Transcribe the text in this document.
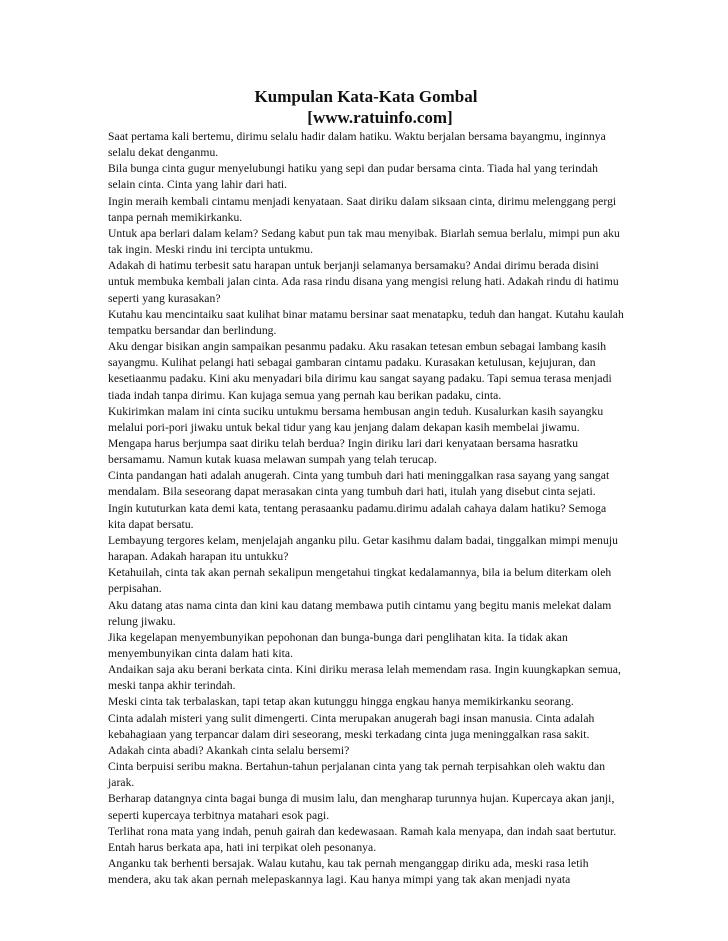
Kumpulan Kata-Kata Gombal
[www.ratuinfo.com]

Saat pertama kali bertemu, dirimu selalu hadir dalam hatiku. Waktu berjalan bersama bayangmu, inginnya selalu dekat denganmu.

Bila bunga cinta gugur menyelubungi hatiku yang sepi dan pudar bersama cinta. Tiada hal yang terindah selain cinta. Cinta yang lahir dari hati.

Ingin meraih kembali cintamu menjadi kenyataan. Saat diriku dalam siksaan cinta, dirimu melenggang pergi tanpa pernah memikirkanku.

Untuk apa berlari dalam kelam? Sedang kabut pun tak mau menyibak. Biarlah semua berlalu, mimpi pun aku tak ingin. Meski rindu ini tercipta untukmu.

Adakah di hatimu terbesit satu harapan untuk berjanji selamanya bersamaku? Andai dirimu berada disini untuk membuka kembali jalan cinta. Ada rasa rindu disana yang mengisi relung hati. Adakah rindu di hatimu seperti yang kurasakan?

Kutahu kau mencintaiku saat kulihat binar matamu bersinar saat menatapku, teduh dan hangat. Kutahu kaulah tempatku bersandar dan berlindung.

Aku dengar bisikan angin sampaikan pesanmu padaku. Aku rasakan tetesan embun sebagai lambang kasih sayangmu. Kulihat pelangi hati sebagai gambaran cintamu padaku. Kurasakan ketulusan, kejujuran, dan kesetiaanmu padaku. Kini aku menyadari bila dirimu kau sangat sayang padaku. Tapi semua terasa menjadi tiada indah tanpa dirimu. Kan kujaga semua yang pernah kau berikan padaku, cinta.

Kukirimkan malam ini cinta suciku untukmu bersama hembusan angin teduh. Kusalurkan kasih sayangku melalui pori-pori jiwaku untuk bekal tidur yang kau jenjang dalam dekapan kasih membelai jiwamu.

Mengapa harus berjumpa saat diriku telah berdua? Ingin diriku lari dari kenyataan bersama hasratku bersamamu. Namun kutak kuasa melawan sumpah yang telah terucap.

Cinta pandangan hati adalah anugerah. Cinta yang tumbuh dari hati meninggalkan rasa sayang yang sangat mendalam. Bila seseorang dapat merasakan cinta yang tumbuh dari hati, itulah yang disebut cinta sejati.

Ingin kututurkan kata demi kata, tentang perasaanku padamu.dirimu adalah cahaya dalam hatiku? Semoga kita dapat bersatu.

Lembayung tergores kelam, menjelajah anganku pilu. Getar kasihmu dalam badai, tinggalkan mimpi menuju harapan. Adakah harapan itu untukku?

Ketahuilah, cinta tak akan pernah sekalipun mengetahui tingkat kedalamannya, bila ia belum diterkam oleh perpisahan.

Aku datang atas nama cinta dan kini kau datang membawa putih cintamu yang begitu manis melekat dalam relung jiwaku.

Jika kegelapan menyembunyikan pepohonan dan bunga-bunga dari penglihatan kita. Ia tidak akan menyembunyikan cinta dalam hati kita.

Andaikan saja aku berani berkata cinta. Kini diriku merasa lelah memendam rasa. Ingin kuungkapkan semua, meski tanpa akhir terindah.

Meski cinta tak terbalaskan, tapi tetap akan kutunggu hingga engkau hanya memikirkanku seorang.

Cinta adalah misteri yang sulit dimengerti. Cinta merupakan anugerah bagi insan manusia. Cinta adalah kebahagiaan yang terpancar dalam diri seseorang, meski terkadang cinta juga meninggalkan rasa sakit. Adakah cinta abadi? Akankah cinta selalu bersemi?

Cinta berpuisi seribu makna. Bertahun-tahun perjalanan cinta yang tak pernah terpisahkan oleh waktu dan jarak.

Berharap datangnya cinta bagai bunga di musim lalu, dan mengharap turunnya hujan. Kupercaya akan janji, seperti kupercaya terbitnya matahari esok pagi.

Terlihat rona mata yang indah, penuh gairah dan kedewasaan. Ramah kala menyapa, dan indah saat bertutur. Entah harus berkata apa, hati ini terpikat oleh pesonanya.

Anganku tak berhenti bersajak. Walau kutahu, kau tak pernah menganggap diriku ada, meski rasa letih mendera, aku tak akan pernah melepaskannya lagi. Kau hanya mimpi yang tak akan menjadi nyata
